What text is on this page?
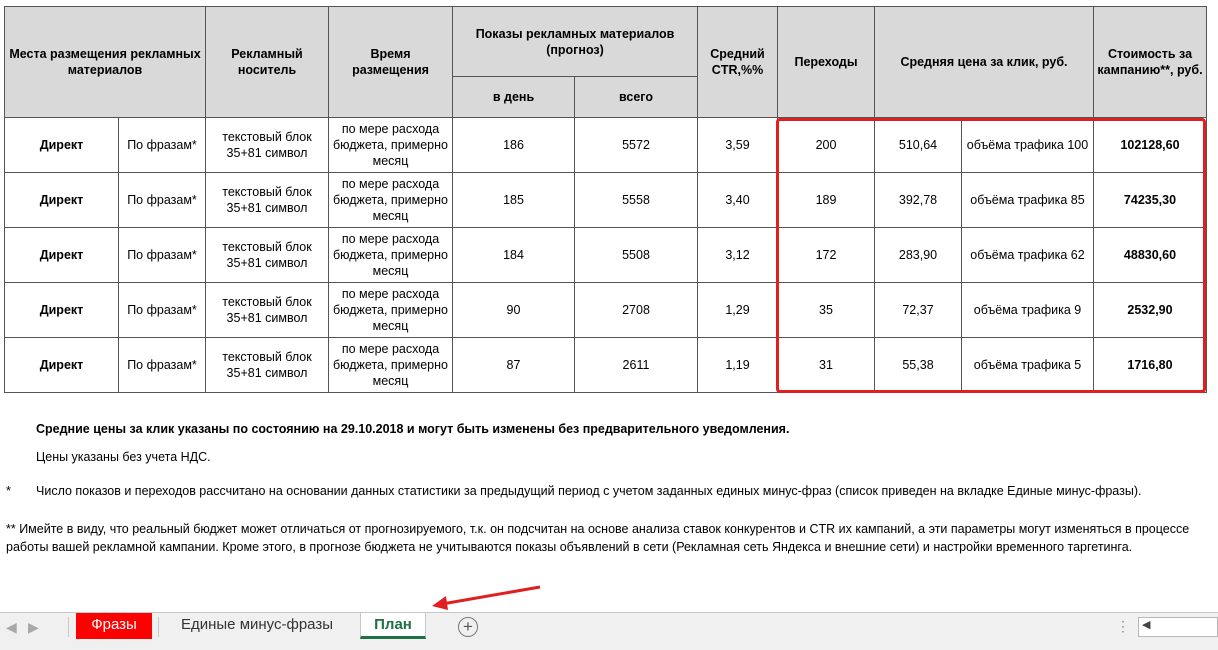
Места размещения рекламных материалов		Рекламный носитель	Время размещения	Показы рекламных материалов (прогноз)		Средний CTR,%%	Переходы	Средняя цена за клик, руб.		Стоимость за кампанию**, руб.
				в день	всего					
Директ	По фразам*	текстовый блок 35+81 символ	по мере расхода бюджета, примерно месяц	186	5572	3,59	200	510,64	объёма трафика 100	102128,60
Директ	По фразам*	текстовый блок 35+81 символ	по мере расхода бюджета, примерно месяц	185	5558	3,40	189	392,78	объёма трафика 85	74235,30
Директ	По фразам*	текстовый блок 35+81 символ	по мере расхода бюджета, примерно месяц	184	5508	3,12	172	283,90	объёма трафика 62	48830,60
Директ	По фразам*	текстовый блок 35+81 символ	по мере расхода бюджета, примерно месяц	90	2708	1,29	35	72,37	объёма трафика 9	2532,90
Директ	По фразам*	текстовый блок 35+81 символ	по мере расхода бюджета, примерно месяц	87	2611	1,19	31	55,38	объёма трафика 5	1716,80
Средние цены за клик указаны по состоянию на 29.10.2018 и могут быть изменены без предварительного уведомления.
Цены указаны без учета НДС.
* Число показов и переходов рассчитано на основании данных статистики за предыдущий период с учетом заданных единых минус-фраз (список приведен на вкладке Единые минус-фразы).
** Имейте в виду, что реальный бюджет может отличаться от прогнозируемого, т.к. он подсчитан на основе анализа ставок конкурентов и CTR их кампаний, а эти параметры могут изменяться в процессе работы вашей рекламной кампании. Кроме этого, в прогнозе бюджета не учитываются показы объявлений в сети (Рекламная сеть Яндекса и внешние сети) и настройки временного таргетинга.
◀ ▶	Фразы	Единые минус-фразы	План	+	⋮ ◀
